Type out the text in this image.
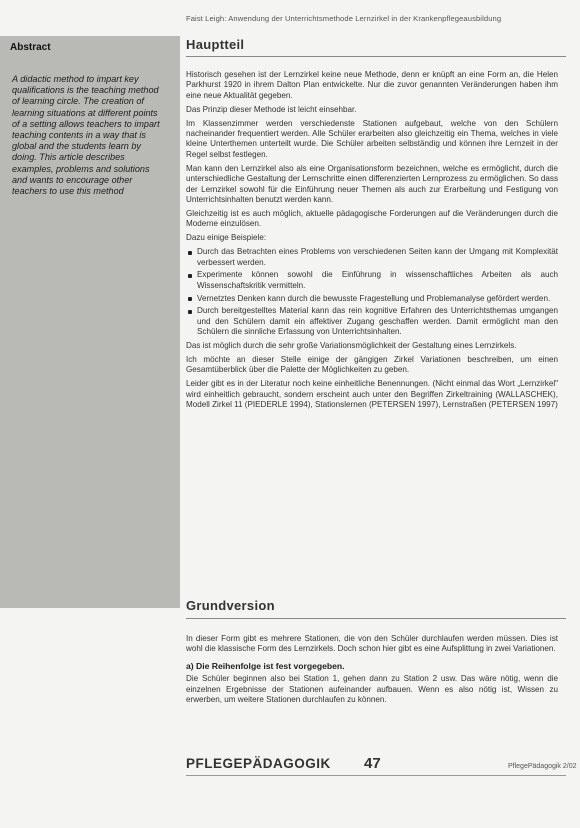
Faist Leigh: Anwendung der Unterrichtsmethode Lernzirkel in der Krankenpflegeausbildung
Abstract
A didactic method to impart key qualifications is the teaching method of learning circle. The creation of learning situations at different points of a setting allows teachers to impart teaching contents in a way that is global and the students learn by doing. This article describes examples, problems and solutions and wants to encourage other teachers to use this method
Hauptteil

Historisch gesehen ist der Lernzirkel keine neue Methode, denn er knüpft an eine Form an, die Helen Parkhurst 1920 in ihrem Dalton Plan entwickelte. Nur die zuvor genannten Veränderungen haben ihm eine neue Aktualität gegeben.

Das Prinzip dieser Methode ist leicht einsehbar.

Im Klassenzimmer werden verschiedenste Stationen aufgebaut, welche von den Schülern nacheinander frequentiert werden. Alle Schüler erarbeiten also gleichzeitig ein Thema, welches in viele kleine Unterthemen unterteilt wurde. Die Schüler arbeiten selbständig und können ihre Lernzeit in der Regel selbst festlegen.

Man kann den Lernzirkel also als eine Organisationsform bezeichnen, welche es ermöglicht, durch die unterschiedliche Gestaltung der Lernschritte einen differenzierten Lernprozess zu ermöglichen. So dass der Lernzirkel sowohl für die Einführung neuer Themen als auch zur Erarbeitung und Festigung von Unterrichtsinhalten benutzt werden kann.

Gleichzeitig ist es auch möglich, aktuelle pädagogische Forderungen auf die Veränderungen durch die Moderne einzulösen.

Dazu einige Beispiele:

Durch das Betrachten eines Problems von verschiedenen Seiten kann der Umgang mit Komplexität verbessert werden.
Experimente können sowohl die Einführung in wissenschaftliches Arbeiten als auch Wissenschaftskritik vermitteln.
Vernetztes Denken kann durch die bewusste Fragestellung und Problemanalyse gefördert werden.
Durch bereitgestelltes Material kann das rein kognitive Erfahren des Unterrichtsthemas umgangen und den Schülern damit ein affektiver Zugang geschaffen werden. Damit ermöglicht man den Schülern die sinnliche Erfassung von Unterrichtsinhalten.

Das ist möglich durch die sehr große Variationsmöglichkeit der Gestaltung eines Lernzirkels.

Ich möchte an dieser Stelle einige der gängigen Zirkel Variationen beschreiben, um einen Gesamtüberblick über die Palette der Möglichkeiten zu geben.

Leider gibt es in der Literatur noch keine einheitliche Benennungen. (Nicht einmal das Wort „Lernzirkel" wird einheitlich gebraucht, sondern erscheint auch unter den Begriffen Zirkeltraining (WALLASCHEK), Modell Zirkel 11 (PIEDERLE 1994), Stationslernen (PETERSEN 1997), Lernstraßen (PETERSEN 1997)

Grundversion

In dieser Form gibt es mehrere Stationen, die von den Schüler durchlaufen werden müssen. Dies ist wohl die klassische Form des Lernzirkels. Doch schon hier gibt es eine Aufsplittung in zwei Variationen.

a) Die Reihenfolge ist fest vorgegeben.

Die Schüler beginnen also bei Station 1, gehen dann zu Station 2 usw. Das wäre nötig, wenn die einzelnen Ergebnisse der Stationen aufeinander aufbauen. Wenn es also nötig ist, Wissen zu erwerben, um weitere Stationen durchlaufen zu können.

PFLEGEPÄDAGOGIK 47	PflegePädagogik 2/02
